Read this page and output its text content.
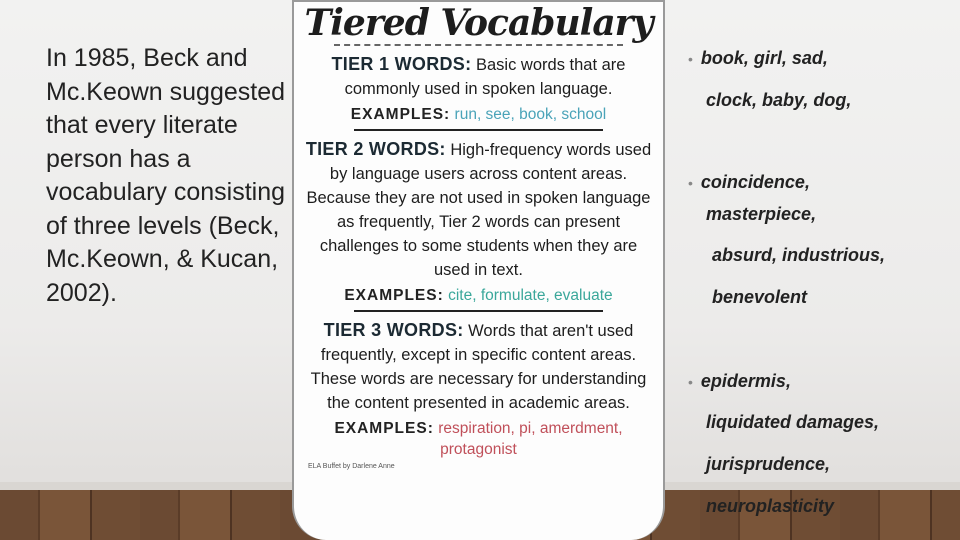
In 1985, Beck and Mc.Keown suggested that every literate person has a vocabulary consisting of three levels (Beck, Mc.Keown, & Kucan, 2002).
Tiered Vocabulary
TIER 1 WORDS: Basic words that are commonly used in spoken language.
EXAMPLES: run, see, book, school
TIER 2 WORDS: High-frequency words used by language users across content areas. Because they are not used in spoken language as frequently, Tier 2 words can present challenges to some students when they are used in text.
EXAMPLES: cite, formulate, evaluate
TIER 3 WORDS: Words that aren't used frequently, except in specific content areas. These words are necessary for understanding the content presented in academic areas.
EXAMPLES: respiration, pi, amerdment, protagonist
ELA Buffet by Darlene Anne
• book, girl, sad,
clock, baby, dog,
• coincidence,
masterpiece,
absurd, industrious,
benevolent
• epidermis,
liquidated damages,
jurisprudence,
neuroplasticity
